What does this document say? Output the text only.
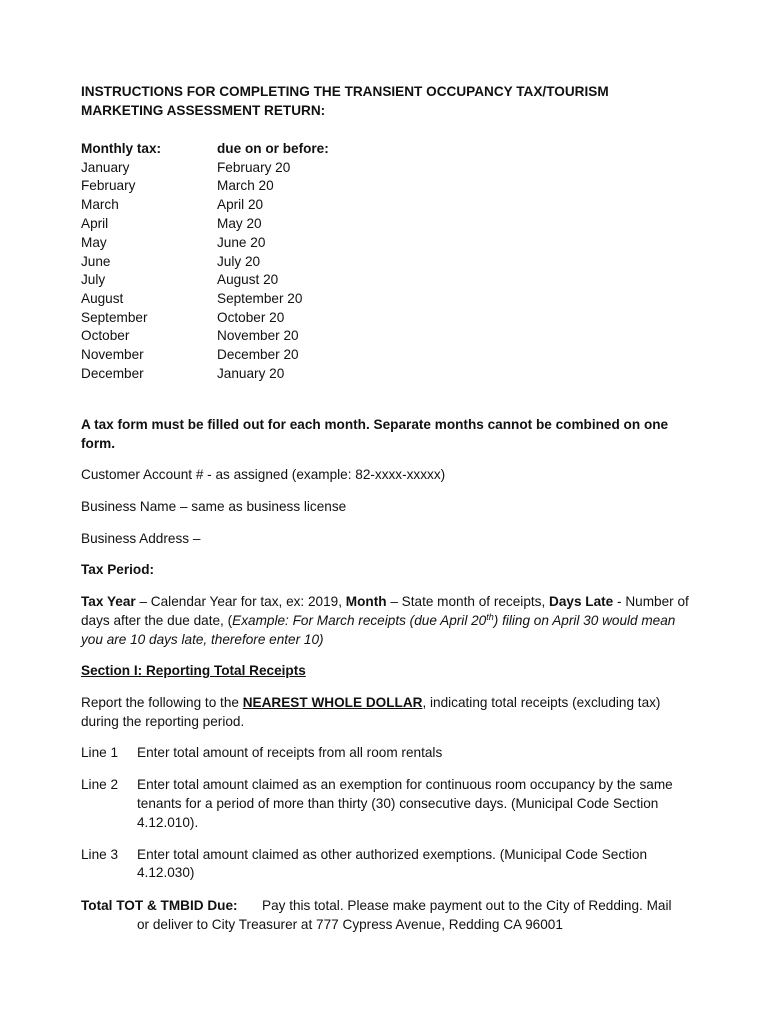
INSTRUCTIONS FOR COMPLETING THE TRANSIENT OCCUPANCY TAX/TOURISM
MARKETING ASSESSMENT RETURN:
Monthly tax:	due on or before:
January	February 20
February	March 20
March	April 20
April	May 20
May	June 20
June	July 20
July	August 20
August	September 20
September	October 20
October	November 20
November	December 20
December	January 20
A tax form must be filled out for each month. Separate months cannot be combined on one
form.
Customer Account # - as assigned (example: 82-xxxx-xxxxx)
Business Name – same as business license
Business Address –
Tax Period:
Tax Year – Calendar Year for tax, ex: 2019, Month – State month of receipts, Days Late - Number of
days after the due date, (Example: For March receipts (due April 20th) filing on April 30 would mean
you are 10 days late, therefore enter 10)
Section I: Reporting Total Receipts
Report the following to the NEAREST WHOLE DOLLAR, indicating total receipts (excluding tax)
during the reporting period.
Line 1 Enter total amount of receipts from all room rentals
Line 2 Enter total amount claimed as an exemption for continuous room occupancy by the same
tenants for a period of more than thirty (30) consecutive days. (Municipal Code Section
4.12.010).
Line 3 Enter total amount claimed as other authorized exemptions. (Municipal Code Section
4.12.030)
Total TOT & TMBID Due: Pay this total. Please make payment out to the City of Redding. Mail
or deliver to City Treasurer at 777 Cypress Avenue, Redding CA 96001
